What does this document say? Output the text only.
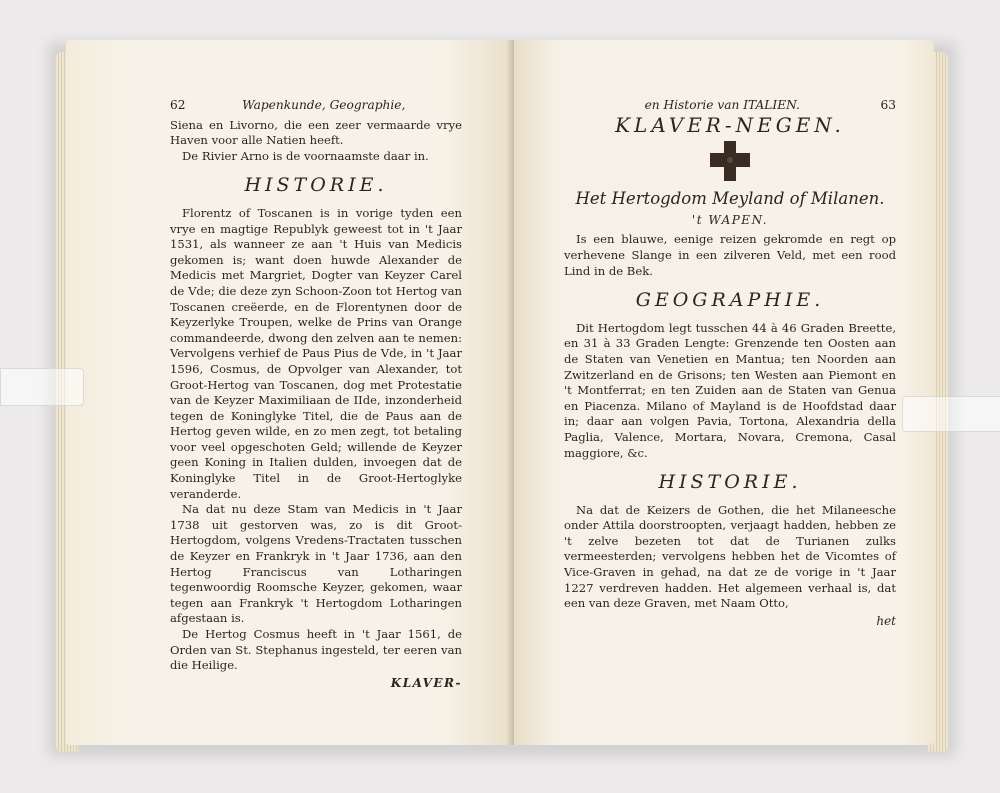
62	Wapenkunde, Geographie,

Siena en Livorno, die een zeer vermaarde vrye Haven voor alle Natien heeft.

De Rivier Arno is de voornaamste daar in.

HISTORIE.

Florentz of Toscanen is in vorige tyden een vrye en magtige Republyk geweest tot in 't Jaar 1531, als wanneer ze aan 't Huis van Medicis gekomen is; want doen huwde Alexander de Medicis met Margriet, Dogter van Keyzer Carel de Vde; die deze zyn Schoon-Zoon tot Hertog van Toscanen creëerde, en de Florentynen door de Keyzerlyke Troupen, welke de Prins van Orange commandeerde, dwong den zelven aan te nemen: Vervolgens verhief de Paus Pius de Vde, in 't Jaar 1596, Cosmus, de Opvolger van Alexander, tot Groot-Hertog van Toscanen, dog met Protestatie van de Keyzer Maximiliaan de IIde, inzonderheid tegen de Koninglyke Titel, die de Paus aan de Hertog geven wilde, en zo men zegt, tot betaling voor veel opgeschoten Geld; willende de Keyzer geen Koning in Italien dulden, invoegen dat de Koninglyke Titel in de Groot-Hertoglyke veranderde.

Na dat nu deze Stam van Medicis in 't Jaar 1738 uit gestorven was, zo is dit Groot-Hertogdom, volgens Vredens-Tractaten tusschen de Keyzer en Frankryk in 't Jaar 1736, aan den Hertog Franciscus van Lotharingen tegenwoordig Roomsche Keyzer, gekomen, waar tegen aan Frankryk 't Hertogdom Lotharingen afgestaan is.

De Hertog Cosmus heeft in 't Jaar 1561, de Orden van St. Stephanus ingesteld, ter eeren van die Heilige.

KLAVER-
en Historie van ITALIEN.	63
KLAVER-NEGEN.
Het Hertogdom Meyland of Milanen.
't WAPEN.

Is een blauwe, eenige reizen gekromde en regt op verhevene Slange in een zilveren Veld, met een rood Lind in de Bek.

GEOGRAPHIE.

Dit Hertogdom legt tusschen 44 à 46 Graden Breette, en 31 à 33 Graden Lengte: Grenzende ten Oosten aan de Staten van Venetien en Mantua; ten Noorden aan Zwitzerland en de Grisons; ten Westen aan Piemont en 't Montferrat; en ten Zuiden aan de Staten van Genua en Piacenza. Milano of Mayland is de Hoofdstad daar in; daar aan volgen Pavia, Tortona, Alexandria della Paglia, Valence, Mortara, Novara, Cremona, Casal maggiore, &c.

HISTORIE.

Na dat de Keizers de Gothen, die het Milaneesche onder Attila doorstroopten, verjaagt hadden, hebben ze 't zelve bezeten tot dat de Turianen zulks vermeesterden; vervolgens hebben het de Vicomtes of Vice-Graven in gehad, na dat ze de vorige in 't Jaar 1227 verdreven hadden. Het algemeen verhaal is, dat een van deze Graven, met Naam Otto,

het
